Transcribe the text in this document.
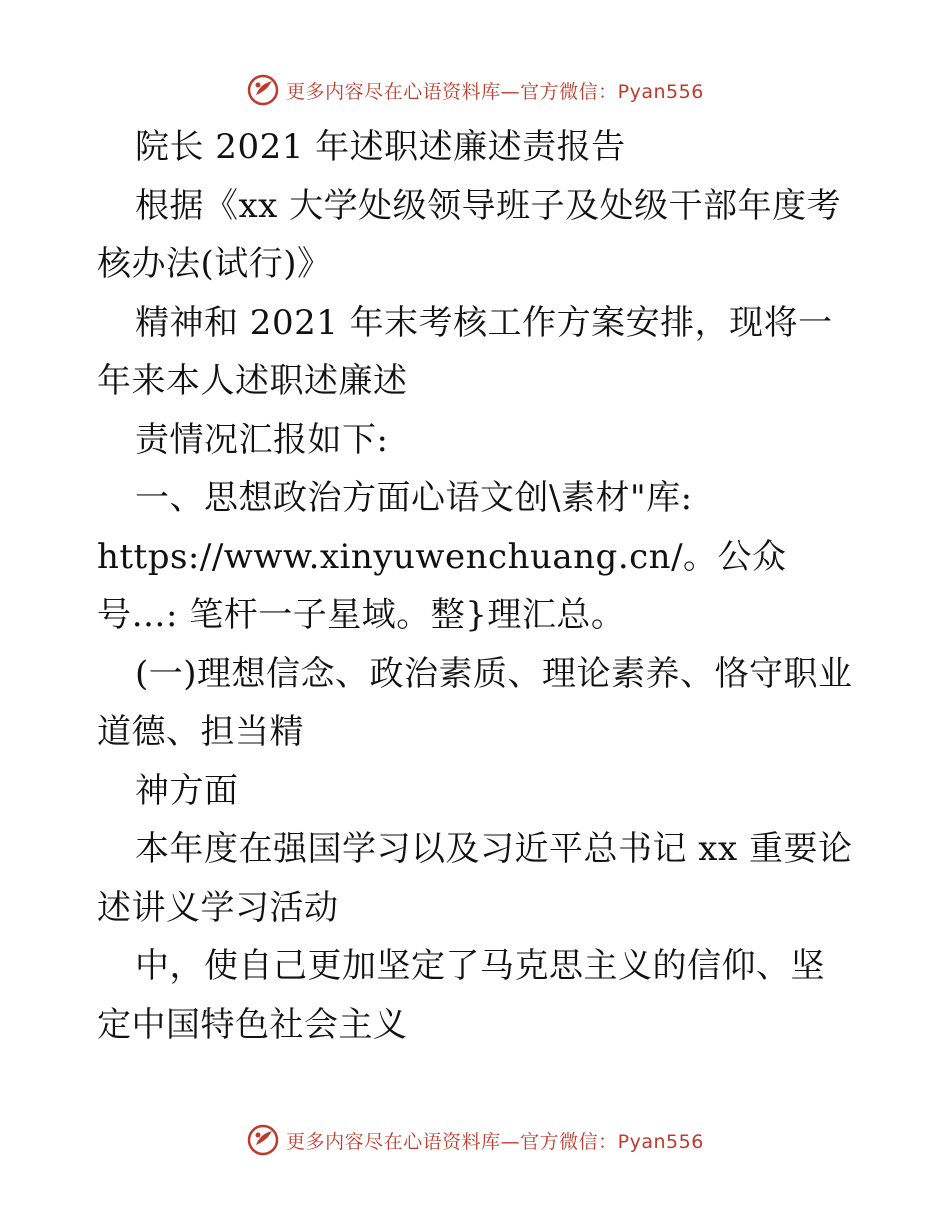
更多内容尽在心语资料库—官方微信：Pyan556

院长 2021 年述职述廉述责报告

根据《xx 大学处级领导班子及处级干部年度考核办法(试行)》

精神和 2021 年末考核工作方案安排，现将一年来本人述职述廉述

责情况汇报如下:

一、思想政治方面心语文创\素材"库:

https://www.xinyuwenchuang.cn/。公众号…: 笔杆一子星域。整}理汇总。

(一)理想信念、政治素质、理论素养、恪守职业道德、担当精

神方面

本年度在强国学习以及习近平总书记 xx 重要论述讲义学习活动

中，使自己更加坚定了马克思主义的信仰、坚定中国特色社会主义

更多内容尽在心语资料库—官方微信：Pyan556
